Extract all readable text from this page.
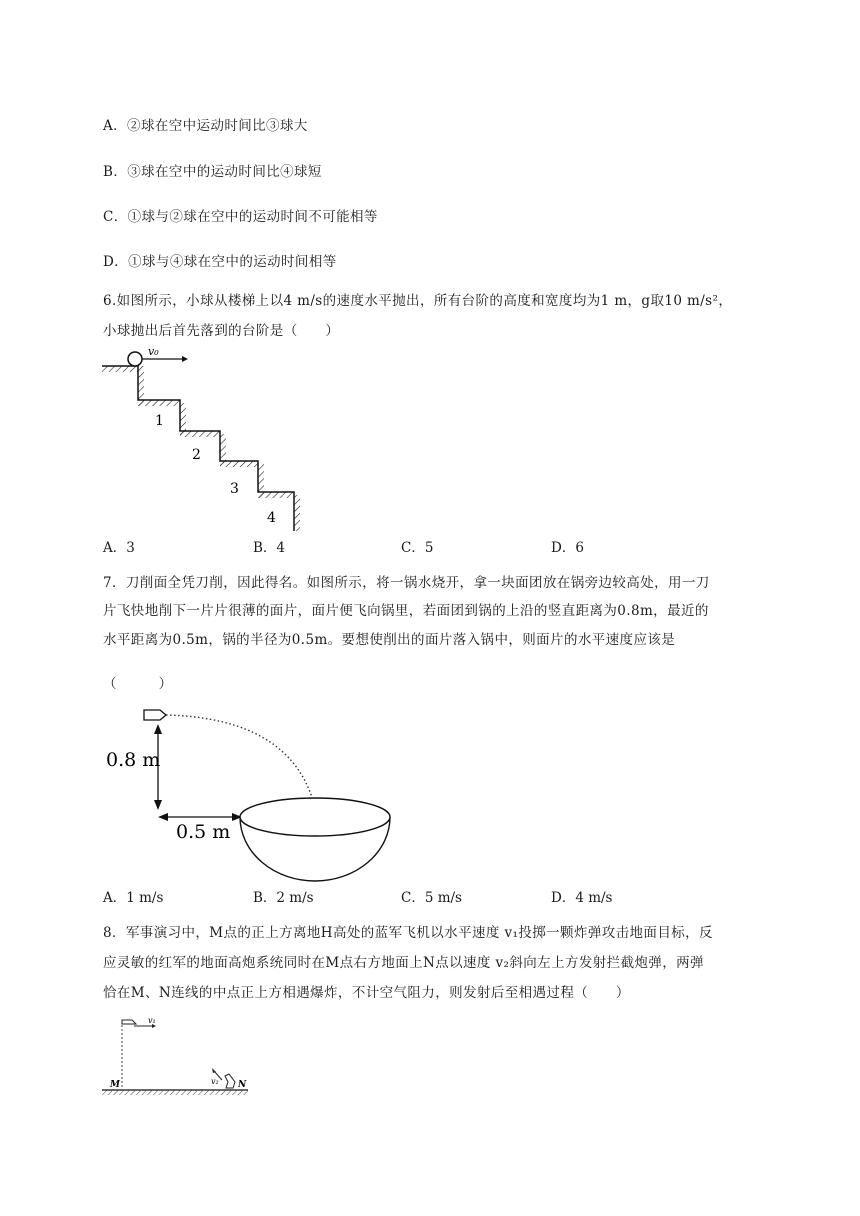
A．②球在空中运动时间比③球大
B．③球在空中的运动时间比④球短
C．①球与②球在空中的运动时间不可能相等
D．①球与④球在空中的运动时间相等
6.如图所示，小球从楼梯上以4 m/s的速度水平抛出，所有台阶的高度和宽度均为1 m，g取10 m/s²，
小球抛出后首先落到的台阶是（　　）
v₀
1
2
3
4
A．3	B．4	C．5	D．6
7．刀削面全凭刀削，因此得名。如图所示，将一锅水烧开，拿一块面团放在锅旁边较高处，用一刀
片飞快地削下一片片很薄的面片，面片便飞向锅里，若面团到锅的上沿的竖直距离为0.8m，最近的
水平距离为0.5m，锅的半径为0.5m。要想使削出的面片落入锅中，则面片的水平速度应该是
（　　　）
0.8 m
0.5 m
A．1 m/s	B．2 m/s	C．5 m/s	D．4 m/s
8．军事演习中，M点的正上方离地H高处的蓝军飞机以水平速度 v₁投掷一颗炸弹攻击地面目标，反
应灵敏的红军的地面高炮系统同时在M点右方地面上N点以速度 v₂斜向左上方发射拦截炮弹，两弹
恰在M、N连线的中点正上方相遇爆炸，不计空气阻力，则发射后至相遇过程（　　）
v₁
M	v₂ N
